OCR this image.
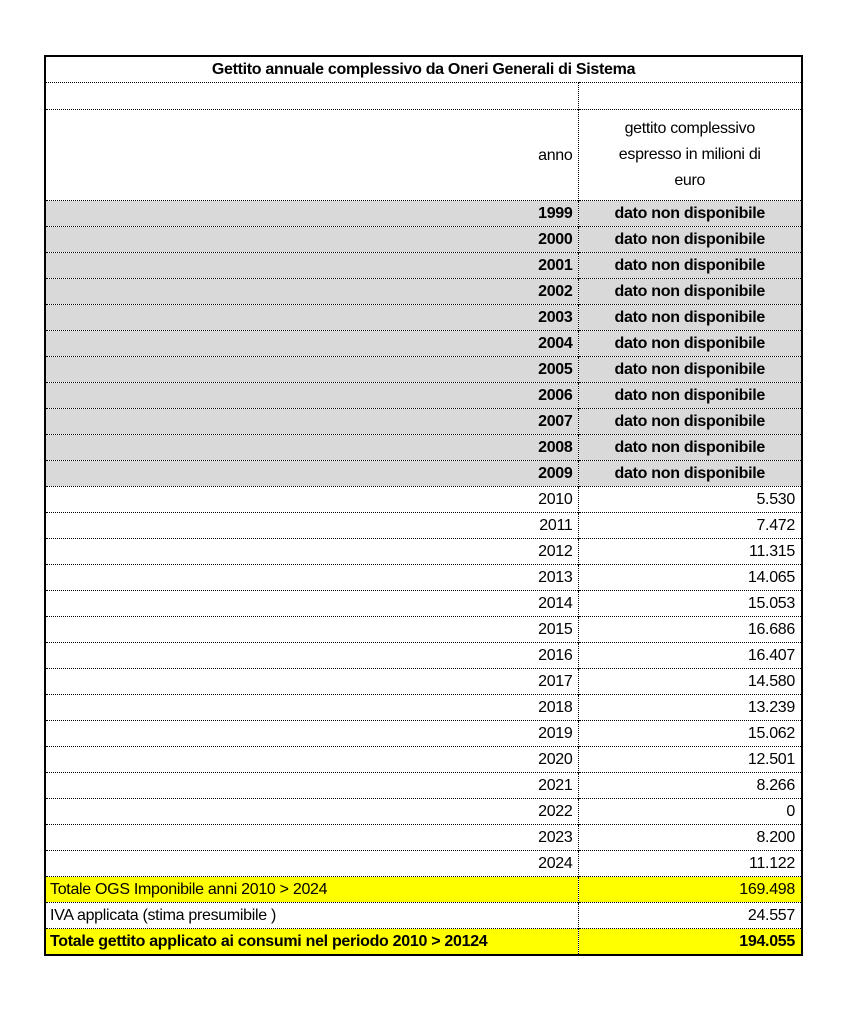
Gettito annuale complessivo da Oneri Generali di Sistema	

anno	gettito complessivo espresso in milioni di euro
1999	dato non disponibile
2000	dato non disponibile
2001	dato non disponibile
2002	dato non disponibile
2003	dato non disponibile
2004	dato non disponibile
2005	dato non disponibile
2006	dato non disponibile
2007	dato non disponibile
2008	dato non disponibile
2009	dato non disponibile
2010	5.530
2011	7.472
2012	11.315
2013	14.065
2014	15.053
2015	16.686
2016	16.407
2017	14.580
2018	13.239
2019	15.062
2020	12.501
2021	8.266
2022	0
2023	8.200
2024	11.122
Totale OGS Imponibile anni 2010 > 2024	169.498
IVA applicata (stima presumibile )	24.557
Totale gettito applicato ai consumi nel periodo 2010 > 20124	194.055
